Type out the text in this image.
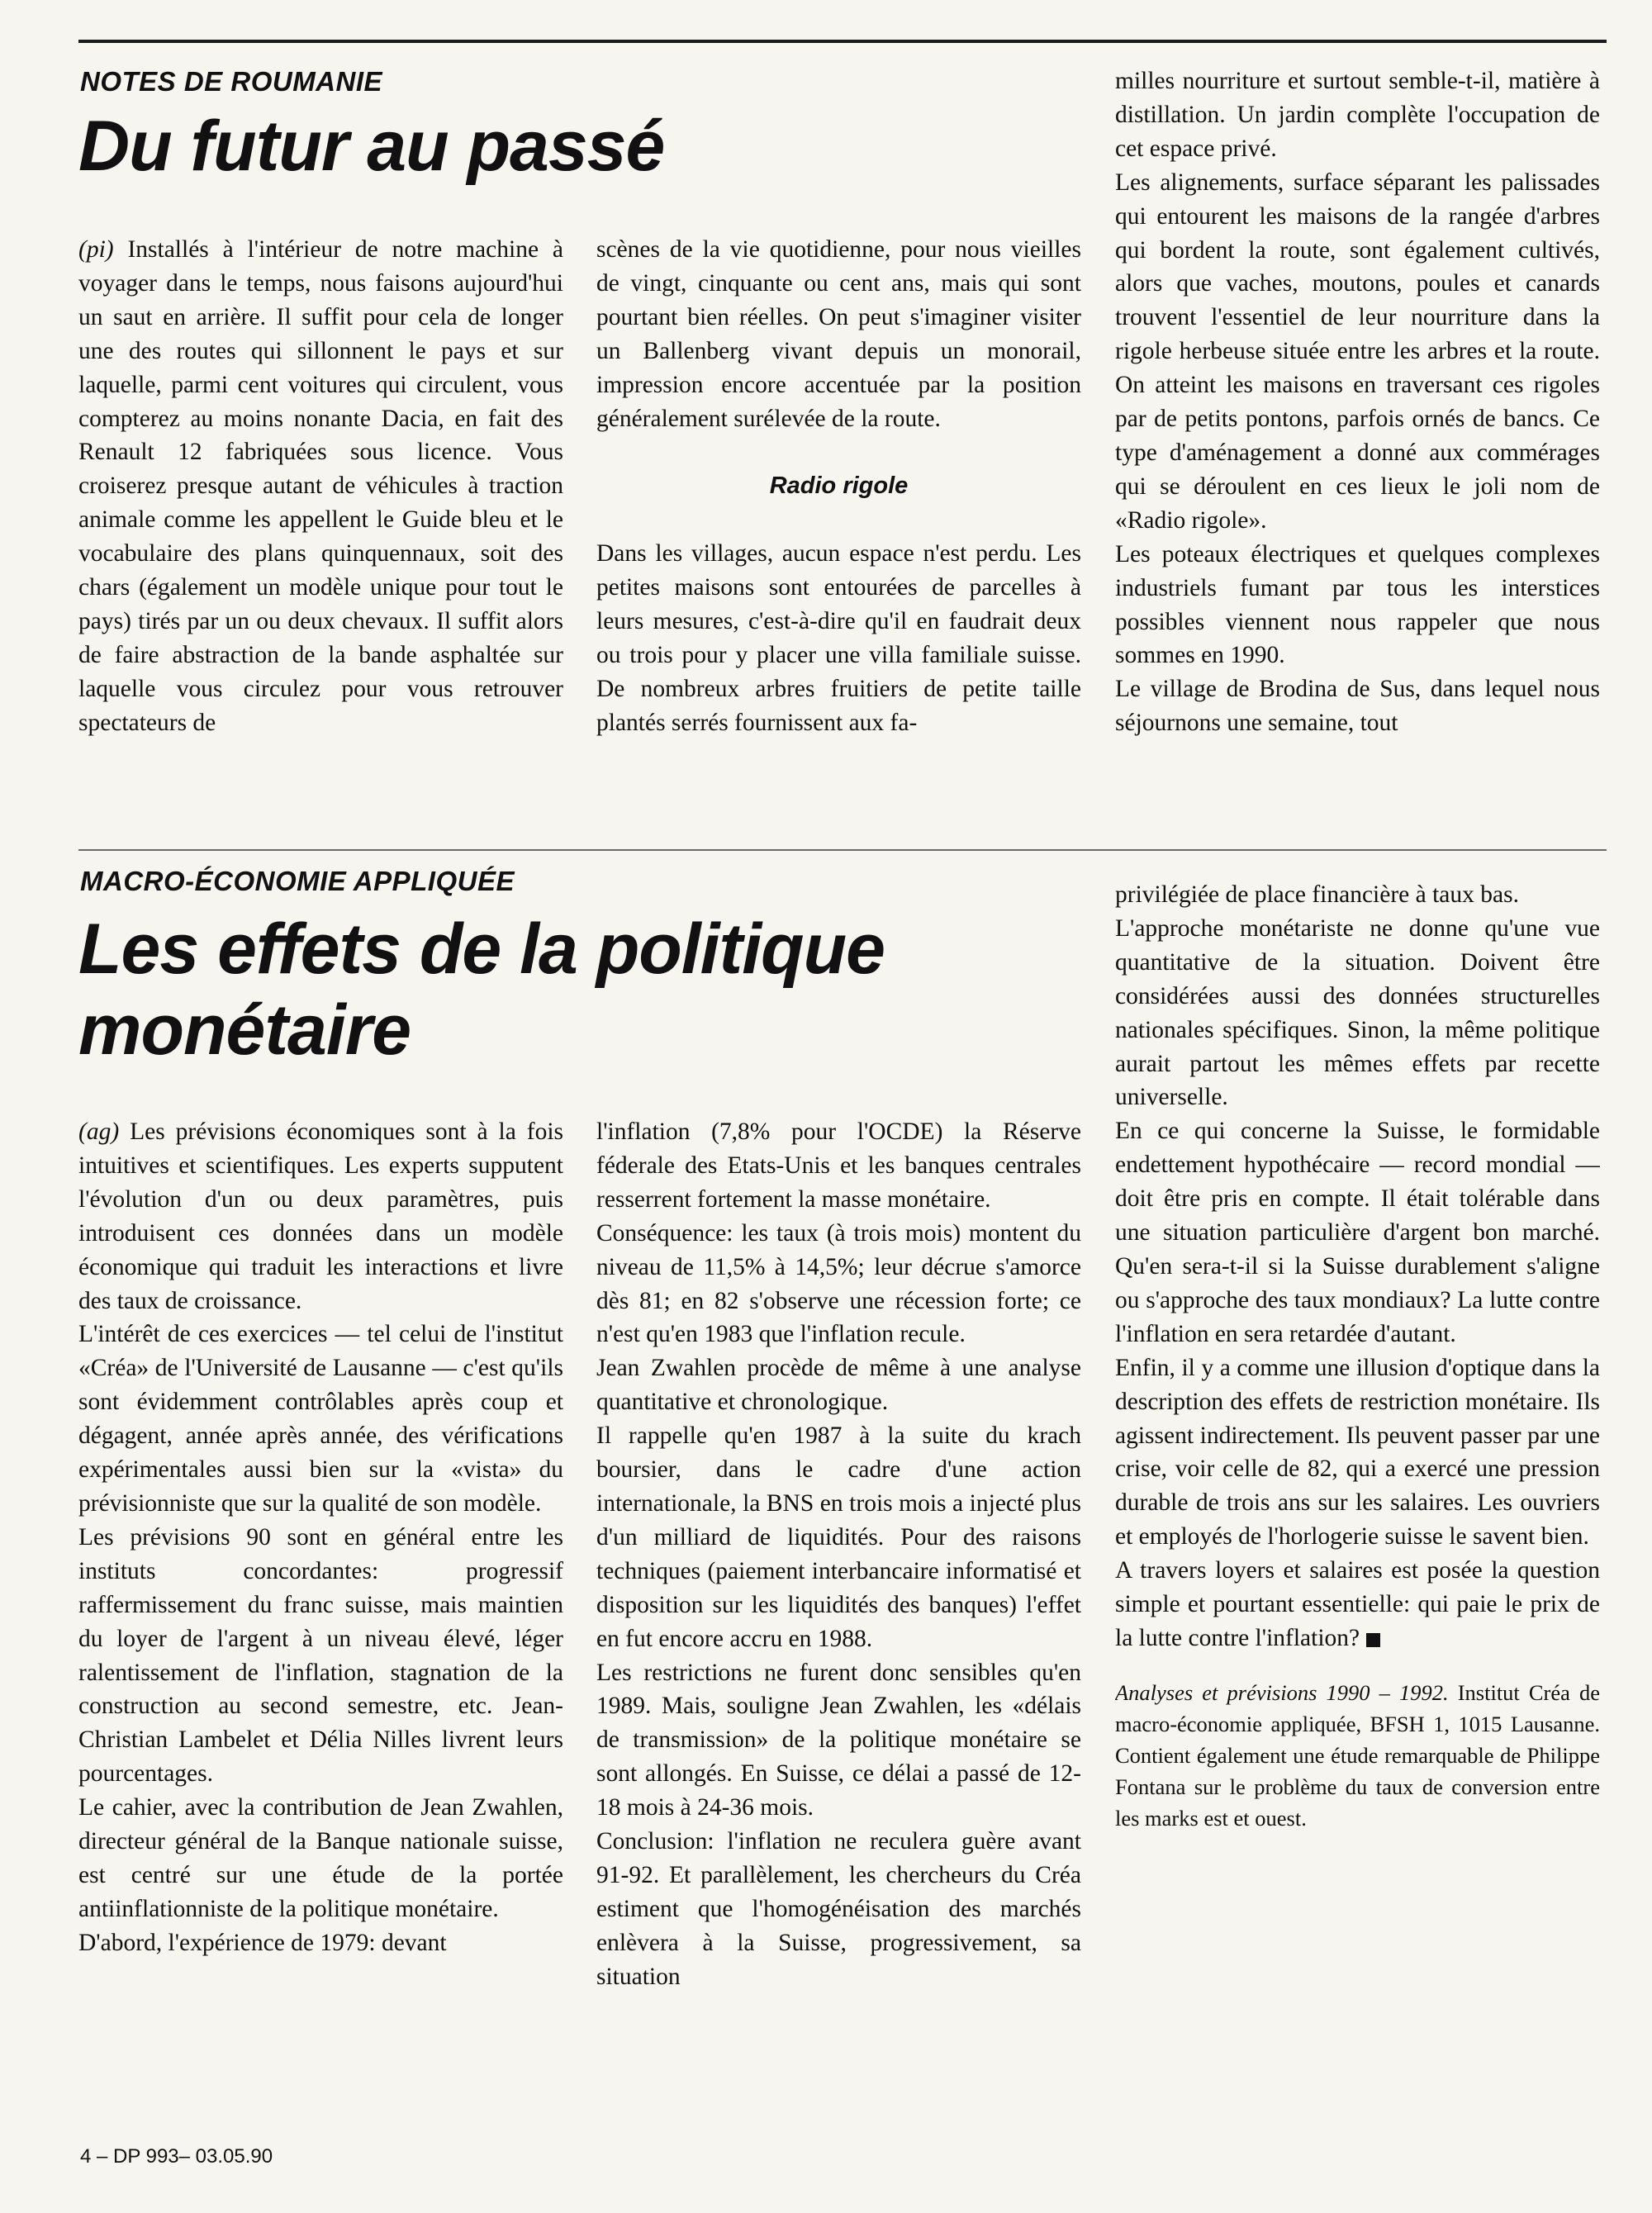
NOTES DE ROUMANIE
Du futur au passé

(pi) Installés à l'intérieur de notre machine à voyager dans le temps, nous faisons aujourd'hui un saut en arrière. Il suffit pour cela de longer une des routes qui sillonnent le pays et sur laquelle, parmi cent voitures qui circulent, vous compterez au moins nonante Dacia, en fait des Renault 12 fabriquées sous licence. Vous croiserez presque autant de véhicules à traction animale comme les appellent le Guide bleu et le vocabulaire des plans quinquennaux, soit des chars (également un modèle unique pour tout le pays) tirés par un ou deux chevaux. Il suffit alors de faire abstraction de la bande asphaltée sur laquelle vous circulez pour vous retrouver spectateurs de

scènes de la vie quotidienne, pour nous vieilles de vingt, cinquante ou cent ans, mais qui sont pourtant bien réelles. On peut s'imaginer visiter un Ballenberg vivant depuis un monorail, impression encore accentuée par la position généralement surélevée de la route.

Radio rigole

Dans les villages, aucun espace n'est perdu. Les petites maisons sont entourées de parcelles à leurs mesures, c'est-à-dire qu'il en faudrait deux ou trois pour y placer une villa familiale suisse. De nombreux arbres fruitiers de petite taille plantés serrés fournissent aux fa-

milles nourriture et surtout semble-t-il, matière à distillation. Un jardin complète l'occupation de cet espace privé.

Les alignements, surface séparant les palissades qui entourent les maisons de la rangée d'arbres qui bordent la route, sont également cultivés, alors que vaches, moutons, poules et canards trouvent l'essentiel de leur nourriture dans la rigole herbeuse située entre les arbres et la route. On atteint les maisons en traversant ces rigoles par de petits pontons, parfois ornés de bancs. Ce type d'aménagement a donné aux commérages qui se déroulent en ces lieux le joli nom de «Radio rigole».

Les poteaux électriques et quelques complexes industriels fumant par tous les interstices possibles viennent nous rappeler que nous sommes en 1990.

Le village de Brodina de Sus, dans lequel nous séjournons une semaine, tout

MACRO-ÉCONOMIE APPLIQUÉE
Les effets de la politique monétaire

(ag) Les prévisions économiques sont à la fois intuitives et scientifiques. Les experts supputent l'évolution d'un ou deux paramètres, puis introduisent ces données dans un modèle économique qui traduit les interactions et livre des taux de croissance.

L'intérêt de ces exercices — tel celui de l'institut «Créa» de l'Université de Lausanne — c'est qu'ils sont évidemment contrôlables après coup et dégagent, année après année, des vérifications expérimentales aussi bien sur la «vista» du prévisionniste que sur la qualité de son modèle.

Les prévisions 90 sont en général entre les instituts concordantes: progressif raffermissement du franc suisse, mais maintien du loyer de l'argent à un niveau élevé, léger ralentissement de l'inflation, stagnation de la construction au second semestre, etc. Jean-Christian Lambelet et Délia Nilles livrent leurs pourcentages.

Le cahier, avec la contribution de Jean Zwahlen, directeur général de la Banque nationale suisse, est centré sur une étude de la portée antiinflationniste de la politique monétaire.

D'abord, l'expérience de 1979: devant

l'inflation (7,8% pour l'OCDE) la Réserve féderale des Etats-Unis et les banques centrales resserrent fortement la masse monétaire.

Conséquence: les taux (à trois mois) montent du niveau de 11,5% à 14,5%; leur décrue s'amorce dès 81; en 82 s'observe une récession forte; ce n'est qu'en 1983 que l'inflation recule.

Jean Zwahlen procède de même à une analyse quantitative et chronologique.

Il rappelle qu'en 1987 à la suite du krach boursier, dans le cadre d'une action internationale, la BNS en trois mois a injecté plus d'un milliard de liquidités. Pour des raisons techniques (paiement interbancaire informatisé et disposition sur les liquidités des banques) l'effet en fut encore accru en 1988.

Les restrictions ne furent donc sensibles qu'en 1989. Mais, souligne Jean Zwahlen, les «délais de transmission» de la politique monétaire se sont allongés. En Suisse, ce délai a passé de 12-18 mois à 24-36 mois.

Conclusion: l'inflation ne reculera guère avant 91-92. Et parallèlement, les chercheurs du Créa estiment que l'homogénéisation des marchés enlèvera à la Suisse, progressivement, sa situation

privilégiée de place financière à taux bas.

L'approche monétariste ne donne qu'une vue quantitative de la situation. Doivent être considérées aussi des données structurelles nationales spécifiques. Sinon, la même politique aurait partout les mêmes effets par recette universelle.

En ce qui concerne la Suisse, le formidable endettement hypothécaire — record mondial — doit être pris en compte. Il était tolérable dans une situation particulière d'argent bon marché. Qu'en sera-t-il si la Suisse durablement s'aligne ou s'approche des taux mondiaux? La lutte contre l'inflation en sera retardée d'autant.

Enfin, il y a comme une illusion d'optique dans la description des effets de restriction monétaire. Ils agissent indirectement. Ils peuvent passer par une crise, voir celle de 82, qui a exercé une pression durable de trois ans sur les salaires. Les ouvriers et employés de l'horlogerie suisse le savent bien.

A travers loyers et salaires est posée la question simple et pourtant essentielle: qui paie le prix de la lutte contre l'inflation?

Analyses et prévisions 1990 – 1992. Institut Créa de macro-économie appliquée, BFSH 1, 1015 Lausanne. Contient également une étude remarquable de Philippe Fontana sur le problème du taux de conversion entre les marks est et ouest.

4 – DP 993– 03.05.90
